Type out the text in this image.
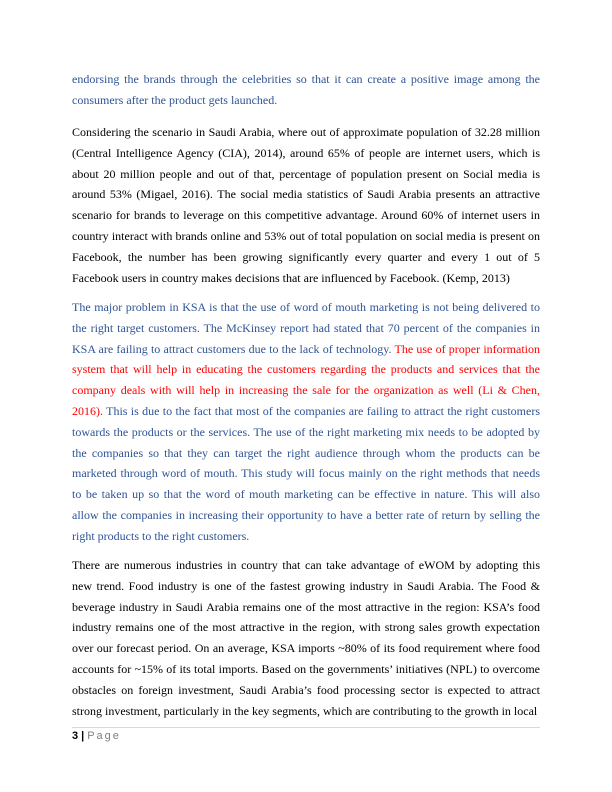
endorsing the brands through the celebrities so that it can create a positive image among the consumers after the product gets launched.

Considering the scenario in Saudi Arabia, where out of approximate population of 32.28 million (Central Intelligence Agency (CIA), 2014), around 65% of people are internet users, which is about 20 million people and out of that, percentage of population present on Social media is around 53% (Migael, 2016). The social media statistics of Saudi Arabia presents an attractive scenario for brands to leverage on this competitive advantage. Around 60% of internet users in country interact with brands online and 53% out of total population on social media is present on Facebook, the number has been growing significantly every quarter and every 1 out of 5 Facebook users in country makes decisions that are influenced by Facebook. (Kemp, 2013)

The major problem in KSA is that the use of word of mouth marketing is not being delivered to the right target customers. The McKinsey report had stated that 70 percent of the companies in KSA are failing to attract customers due to the lack of technology. The use of proper information system that will help in educating the customers regarding the products and services that the company deals with will help in increasing the sale for the organization as well (Li & Chen, 2016). This is due to the fact that most of the companies are failing to attract the right customers towards the products or the services. The use of the right marketing mix needs to be adopted by the companies so that they can target the right audience through whom the products can be marketed through word of mouth. This study will focus mainly on the right methods that needs to be taken up so that the word of mouth marketing can be effective in nature. This will also allow the companies in increasing their opportunity to have a better rate of return by selling the right products to the right customers.

There are numerous industries in country that can take advantage of eWOM by adopting this new trend. Food industry is one of the fastest growing industry in Saudi Arabia. The Food & beverage industry in Saudi Arabia remains one of the most attractive in the region: KSA’s food industry remains one of the most attractive in the region, with strong sales growth expectation over our forecast period. On an average, KSA imports ~80% of its food requirement where food accounts for ~15% of its total imports. Based on the governments’ initiatives (NPL) to overcome obstacles on foreign investment, Saudi Arabia’s food processing sector is expected to attract strong investment, particularly in the key segments, which are contributing to the growth in local

3 | Page
